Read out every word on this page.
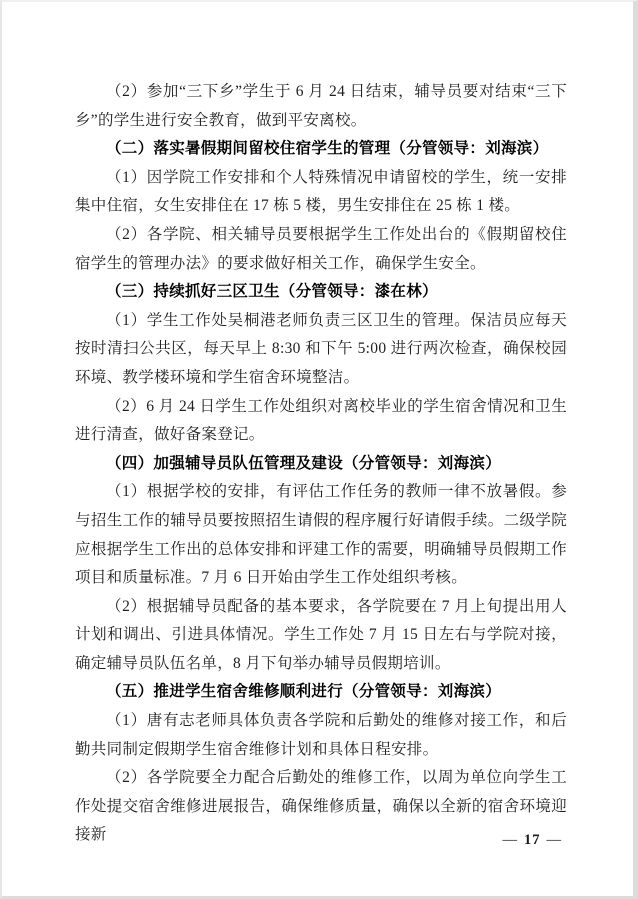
（2）参加“三下乡”学生于 6 月 24 日结束，辅导员要对结束“三下乡”的学生进行安全教育，做到平安离校。

（二）落实暑假期间留校住宿学生的管理（分管领导：刘海滨）

（1）因学院工作安排和个人特殊情况申请留校的学生，统一安排集中住宿，女生安排住在 17 栋 5 楼，男生安排住在 25 栋 1 楼。

（2）各学院、相关辅导员要根据学生工作处出台的《假期留校住宿学生的管理办法》的要求做好相关工作，确保学生安全。

（三）持续抓好三区卫生（分管领导：漆在林）

（1）学生工作处吴桐港老师负责三区卫生的管理。保洁员应每天按时清扫公共区，每天早上 8:30 和下午 5:00 进行两次检查，确保校园环境、教学楼环境和学生宿舍环境整洁。

（2）6 月 24 日学生工作处组织对离校毕业的学生宿舍情况和卫生进行清查，做好备案登记。

（四）加强辅导员队伍管理及建设（分管领导：刘海滨）

（1）根据学校的安排，有评估工作任务的教师一律不放暑假。参与招生工作的辅导员要按照招生请假的程序履行好请假手续。二级学院应根据学生工作出的总体安排和评建工作的需要，明确辅导员假期工作项目和质量标准。7 月 6 日开始由学生工作处组织考核。

（2）根据辅导员配备的基本要求，各学院要在 7 月上旬提出用人计划和调出、引进具体情况。学生工作处 7 月 15 日左右与学院对接，确定辅导员队伍名单，8 月下旬举办辅导员假期培训。

（五）推进学生宿舍维修顺利进行（分管领导：刘海滨）

（1）唐有志老师具体负责各学院和后勤处的维修对接工作，和后勤共同制定假期学生宿舍维修计划和具体日程安排。

（2）各学院要全力配合后勤处的维修工作，以周为单位向学生工作处提交宿舍维修进展报告，确保维修质量，确保以全新的宿舍环境迎接新	— 17 —
